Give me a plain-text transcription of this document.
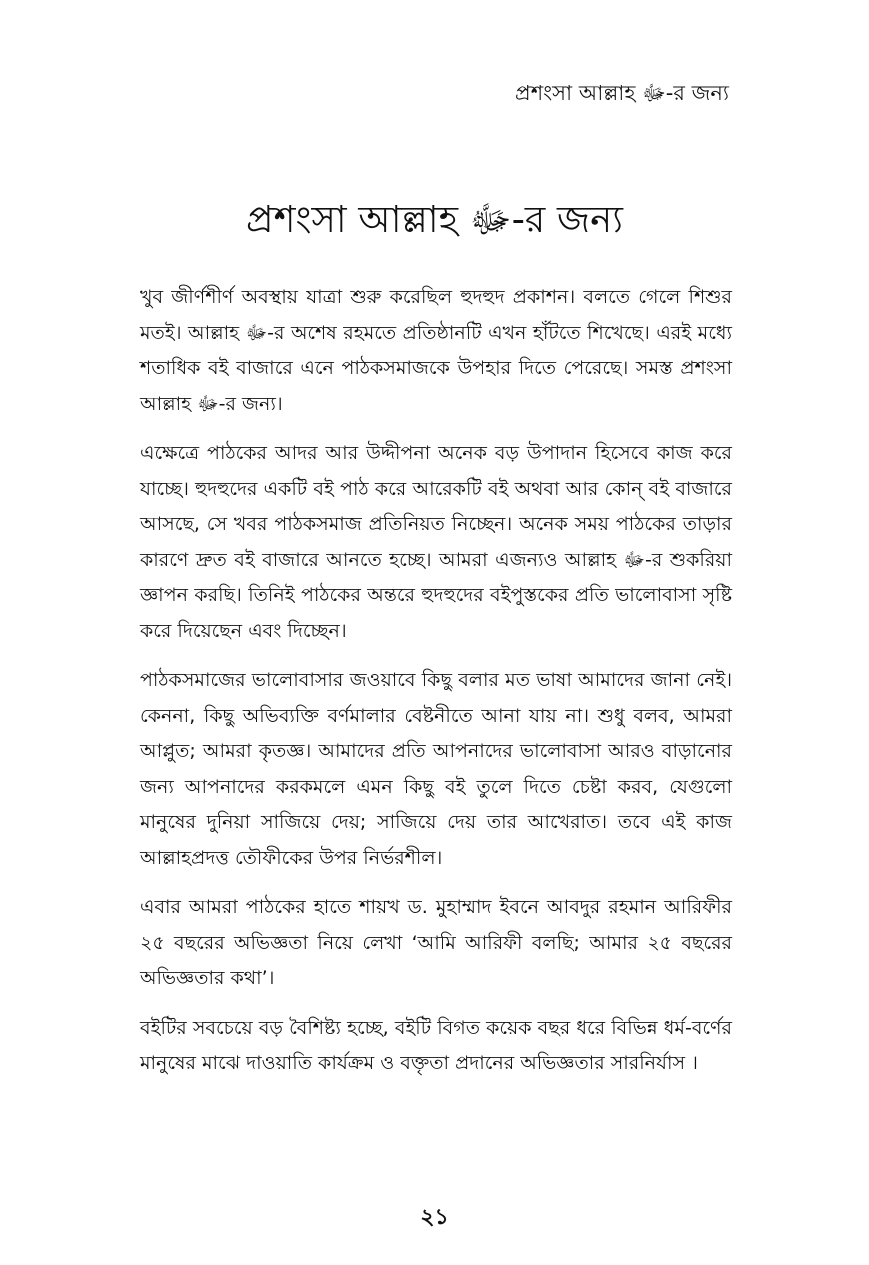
প্রশংসা আল্লাহ ﷻ-র জন্য
প্রশংসা আল্লাহ ﷻ-র জন্য

খুব জীর্ণশীর্ণ অবস্থায় যাত্রা শুরু করেছিল হুদহুদ প্রকাশন। বলতে গেলে শিশুর মতই। আল্লাহ ﷻ-র অশেষ রহমতে প্রতিষ্ঠানটি এখন হাঁটতে শিখেছে। এরই মধ্যে শতাধিক বই বাজারে এনে পাঠকসমাজকে উপহার দিতে পেরেছে। সমস্ত প্রশংসা আল্লাহ ﷻ-র জন্য।

এক্ষেত্রে পাঠকের আদর আর উদ্দীপনা অনেক বড় উপাদান হিসেবে কাজ করে যাচ্ছে। হুদহুদের একটি বই পাঠ করে আরেকটি বই অথবা আর কোন্ বই বাজারে আসছে, সে খবর পাঠকসমাজ প্রতিনিয়ত নিচ্ছেন। অনেক সময় পাঠকের তাড়ার কারণে দ্রুত বই বাজারে আনতে হচ্ছে। আমরা এজন্যও আল্লাহ ﷻ-র শুকরিয়া জ্ঞাপন করছি। তিনিই পাঠকের অন্তরে হুদহুদের বইপুস্তকের প্রতি ভালোবাসা সৃষ্টি করে দিয়েছেন এবং দিচ্ছেন।

পাঠকসমাজের ভালোবাসার জওয়াবে কিছু বলার মত ভাষা আমাদের জানা নেই। কেননা, কিছু অভিব্যক্তি বর্ণমালার বেষ্টনীতে আনা যায় না। শুধু বলব, আমরা আপ্লুত; আমরা কৃতজ্ঞ। আমাদের প্রতি আপনাদের ভালোবাসা আরও বাড়ানোর জন্য আপনাদের করকমলে এমন কিছু বই তুলে দিতে চেষ্টা করব, যেগুলো মানুষের দুনিয়া সাজিয়ে দেয়; সাজিয়ে দেয় তার আখেরাত। তবে এই কাজ আল্লাহপ্রদত্ত তৌফীকের উপর নির্ভরশীল।

এবার আমরা পাঠকের হাতে শায়খ ড. মুহাম্মাদ ইবনে আবদুর রহমান আরিফীর ২৫ বছরের অভিজ্ঞতা নিয়ে লেখা ‘আমি আরিফী বলছি; আমার ২৫ বছরের অভিজ্ঞতার কথা’।

বইটির সবচেয়ে বড় বৈশিষ্ট্য হচ্ছে, বইটি বিগত কয়েক বছর ধরে বিভিন্ন ধর্ম-বর্ণের মানুষের মাঝে দাওয়াতি কার্যক্রম ও বক্তৃতা প্রদানের অভিজ্ঞতার সারনির্যাস ।

২১
